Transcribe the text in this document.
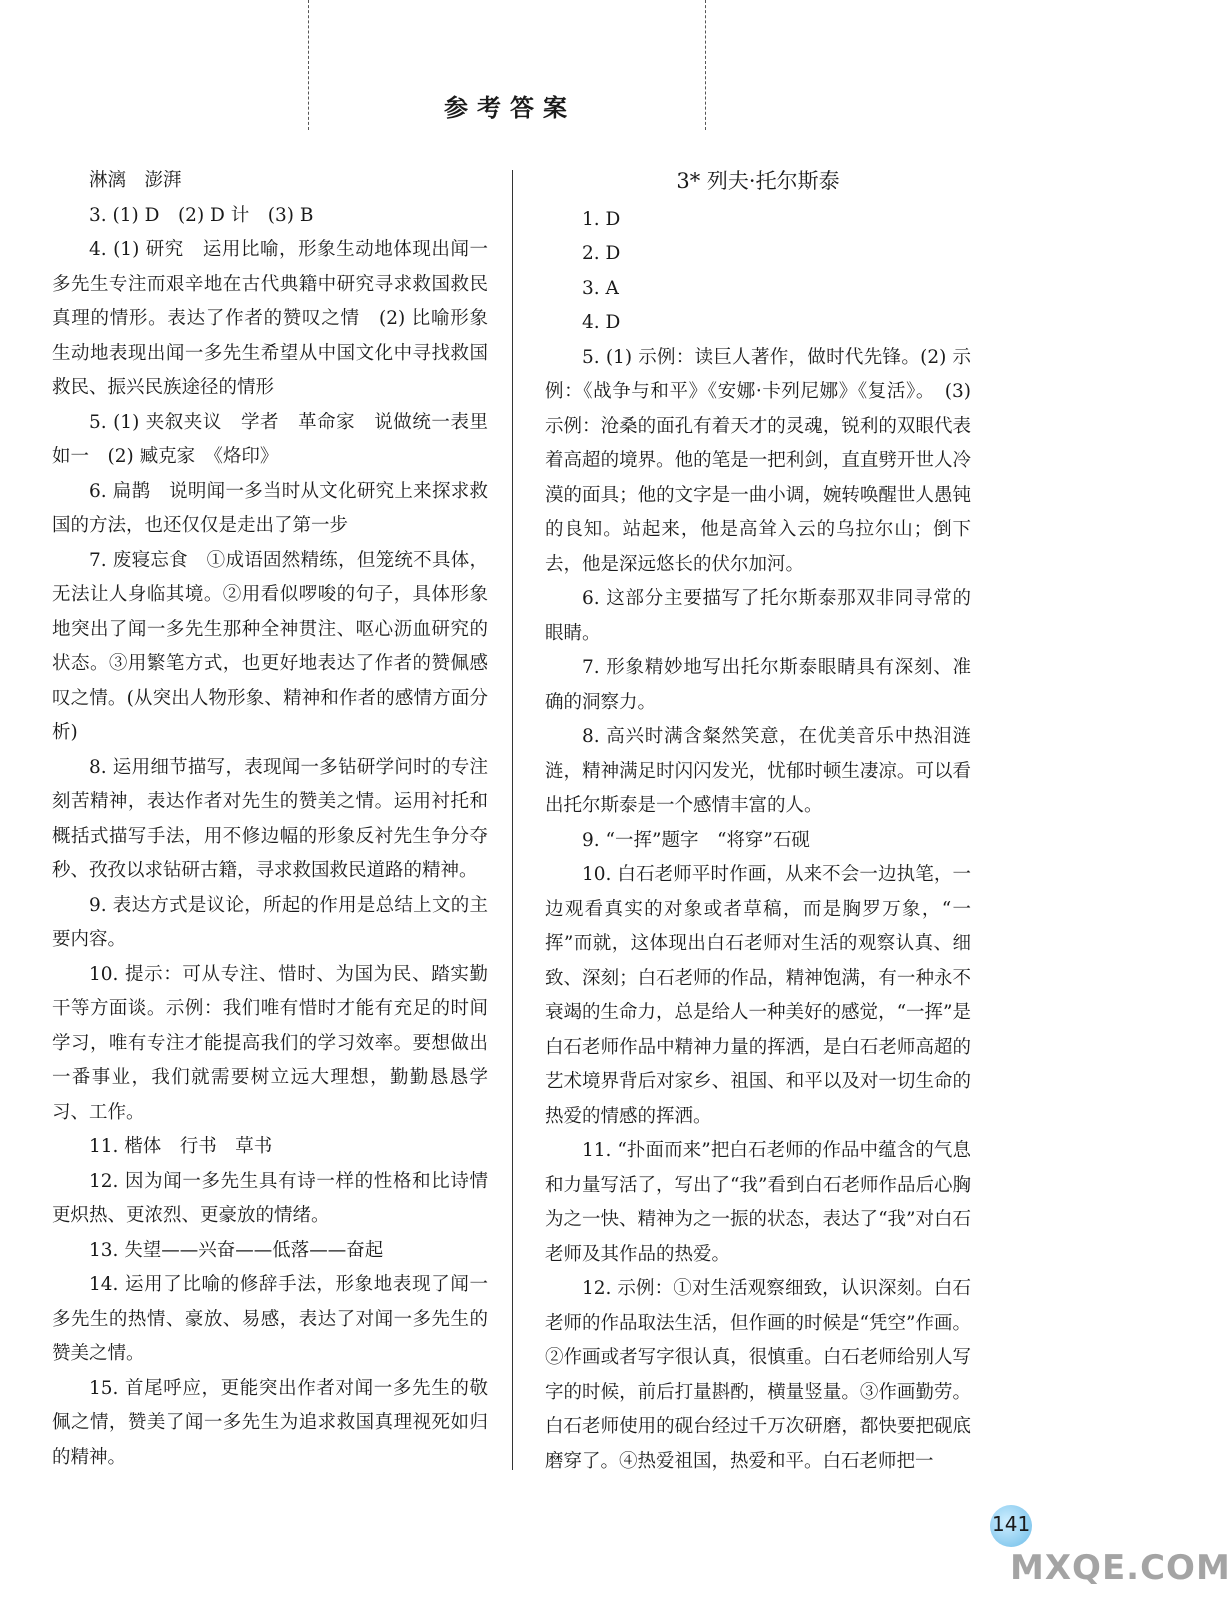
参考答案

淋漓　澎湃

3. (1) D　(2) D 计　(3) B

4. (1) 研究　运用比喻，形象生动地体现出闻一多先生专注而艰辛地在古代典籍中研究寻求救国救民真理的情形。表达了作者的赞叹之情　(2) 比喻形象生动地表现出闻一多先生希望从中国文化中寻找救国救民、振兴民族途径的情形

5. (1) 夹叙夹议　学者　革命家　说做统一表里如一　(2) 臧克家　《烙印》

6. 扁鹊　说明闻一多当时从文化研究上来探求救国的方法，也还仅仅是走出了第一步

7. 废寝忘食　①成语固然精练，但笼统不具体，无法让人身临其境。②用看似啰唆的句子，具体形象地突出了闻一多先生那种全神贯注、呕心沥血研究的状态。③用繁笔方式，也更好地表达了作者的赞佩感叹之情。(从突出人物形象、精神和作者的感情方面分析)

8. 运用细节描写，表现闻一多钻研学问时的专注刻苦精神，表达作者对先生的赞美之情。运用衬托和概括式描写手法，用不修边幅的形象反衬先生争分夺秒、孜孜以求钻研古籍，寻求救国救民道路的精神。

9. 表达方式是议论，所起的作用是总结上文的主要内容。

10. 提示：可从专注、惜时、为国为民、踏实勤干等方面谈。示例：我们唯有惜时才能有充足的时间学习，唯有专注才能提高我们的学习效率。要想做出一番事业，我们就需要树立远大理想，勤勤恳恳学习、工作。

11. 楷体　行书　草书

12. 因为闻一多先生具有诗一样的性格和比诗情更炽热、更浓烈、更豪放的情绪。

13. 失望——兴奋——低落——奋起

14. 运用了比喻的修辞手法，形象地表现了闻一多先生的热情、豪放、易感，表达了对闻一多先生的赞美之情。

15. 首尾呼应，更能突出作者对闻一多先生的敬佩之情，赞美了闻一多先生为追求救国真理视死如归的精神。

3* 列夫·托尔斯泰

1. D

2. D

3. A

4. D

5. (1) 示例：读巨人著作，做时代先锋。(2) 示例：《战争与和平》《安娜·卡列尼娜》《复活》。　(3) 示例：沧桑的面孔有着天才的灵魂，锐利的双眼代表着高超的境界。他的笔是一把利剑，直直劈开世人冷漠的面具；他的文字是一曲小调，婉转唤醒世人愚钝的良知。站起来，他是高耸入云的乌拉尔山；倒下去，他是深远悠长的伏尔加河。

6. 这部分主要描写了托尔斯泰那双非同寻常的眼睛。

7. 形象精妙地写出托尔斯泰眼睛具有深刻、准确的洞察力。

8. 高兴时满含粲然笑意，在优美音乐中热泪涟涟，精神满足时闪闪发光，忧郁时顿生凄凉。可以看出托尔斯泰是一个感情丰富的人。

9. “一挥”题字　“将穿”石砚

10. 白石老师平时作画，从来不会一边执笔，一边观看真实的对象或者草稿，而是胸罗万象，“一挥”而就，这体现出白石老师对生活的观察认真、细致、深刻；白石老师的作品，精神饱满，有一种永不衰竭的生命力，总是给人一种美好的感觉，“一挥”是白石老师作品中精神力量的挥洒，是白石老师高超的艺术境界背后对家乡、祖国、和平以及对一切生命的热爱的情感的挥洒。

11. “扑面而来”把白石老师的作品中蕴含的气息和力量写活了，写出了“我”看到白石老师作品后心胸为之一快、精神为之一振的状态，表达了“我”对白石老师及其作品的热爱。

12. 示例：①对生活观察细致，认识深刻。白石老师的作品取法生活，但作画的时候是“凭空”作画。②作画或者写字很认真，很慎重。白石老师给别人写字的时候，前后打量斟酌，横量竖量。③作画勤劳。白石老师使用的砚台经过千万次研磨，都快要把砚底磨穿了。④热爱祖国，热爱和平。白石老师把一

141
MXQE.COM
